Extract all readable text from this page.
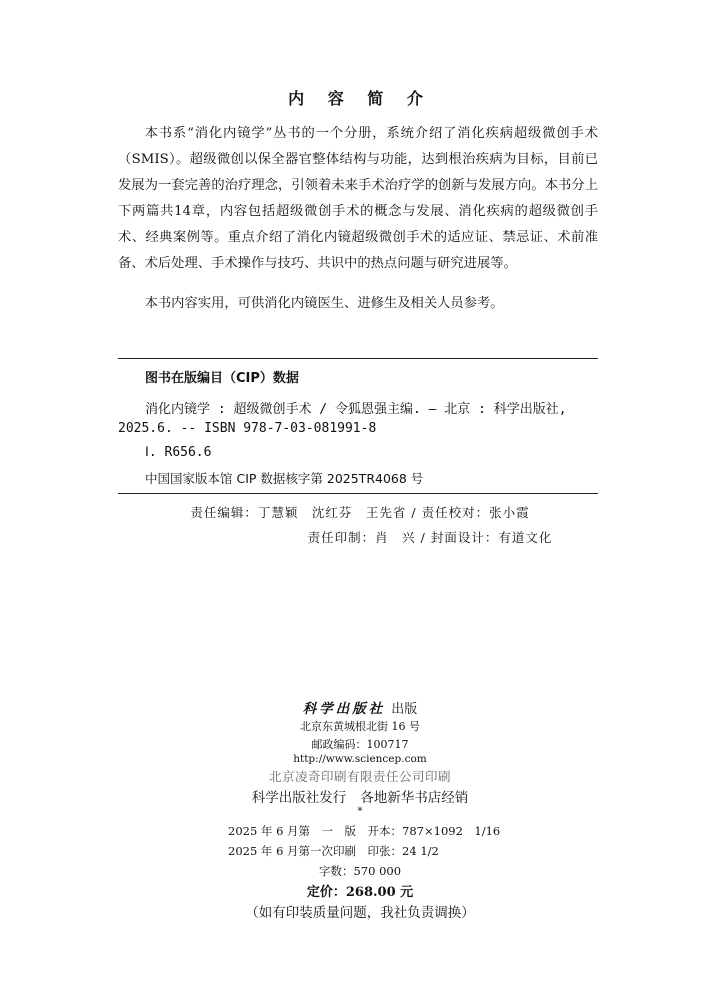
内 容 简 介

本书系“消化内镜学”丛书的一个分册，系统介绍了消化疾病超级微创手术（SMIS）。超级微创以保全器官整体结构与功能，达到根治疾病为目标，目前已发展为一套完善的治疗理念，引领着未来手术治疗学的创新与发展方向。本书分上下两篇共14章，内容包括超级微创手术的概念与发展、消化疾病的超级微创手术、经典案例等。重点介绍了消化内镜超级微创手术的适应证、禁忌证、术前准备、术后处理、手术操作与技巧、共识中的热点问题与研究进展等。

本书内容实用，可供消化内镜医生、进修生及相关人员参考。

图书在版编目（CIP）数据
消化内镜学 : 超级微创手术 / 令狐恩强主编. — 北京 : 科学出版社,
2025.6. -- ISBN 978-7-03-081991-8
Ⅰ. R656.6
中国国家版本馆 CIP 数据核字第 2025TR4068 号
责任编辑：丁慧颖　沈红芬　王先省 / 责任校对：张小霞
责任印制：肖　兴 / 封面设计：有道文化
科学出版社 出版
北京东黄城根北街 16 号
邮政编码：100717
http://www.sciencep.com
北京凌奇印刷有限责任公司印刷
科学出版社发行 各地新华书店经销
*
2025 年 6 月第　一　版　开本：787×1092　1/16
2025 年 6 月第一次印刷　印张：24 1/2
字数：570 000
定价：268.00 元
（如有印装质量问题，我社负责调换）
